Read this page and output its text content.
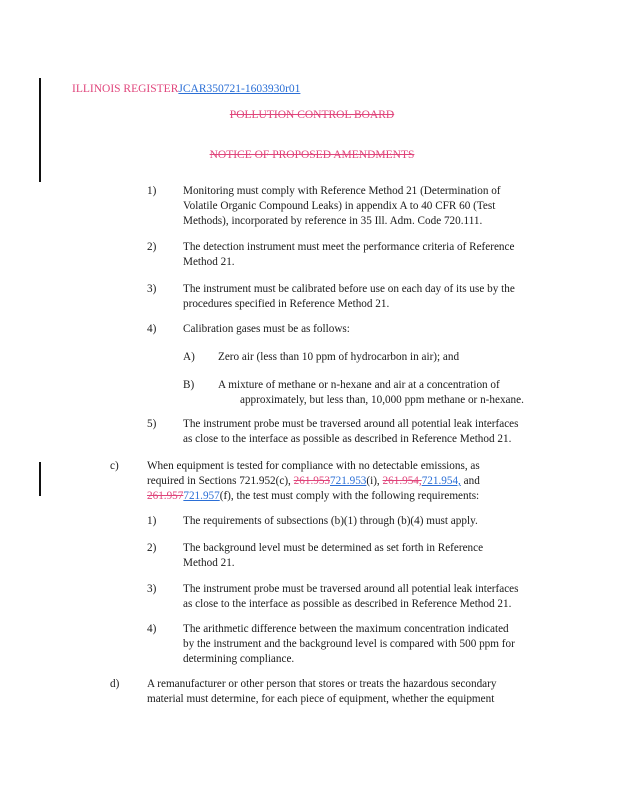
ILLINOIS REGISTERJCAR350721-1603930r01
POLLUTION CONTROL BOARD
NOTICE OF PROPOSED AMENDMENTS
1)	Monitoring must comply with Reference Method 21 (Determination of
Volatile Organic Compound Leaks) in appendix A to 40 CFR 60 (Test
Methods), incorporated by reference in 35 Ill. Adm. Code 720.111.
2)	The detection instrument must meet the performance criteria of Reference
Method 21.
3)	The instrument must be calibrated before use on each day of its use by the
procedures specified in Reference Method 21.
4)	Calibration gases must be as follows:
A)	Zero air (less than 10 ppm of hydrocarbon in air); and
B)	A mixture of methane or n-hexane and air at a concentration of
approximately, but less than, 10,000 ppm methane or n-hexane.
5)	The instrument probe must be traversed around all potential leak interfaces
as close to the interface as possible as described in Reference Method 21.
c)	When equipment is tested for compliance with no detectable emissions, as
required in Sections 721.952(c), 261.953721.953(i), 261.954,721.954, and
261.957721.957(f), the test must comply with the following requirements:
1)	The requirements of subsections (b)(1) through (b)(4) must apply.
2)	The background level must be determined as set forth in Reference
Method 21.
3)	The instrument probe must be traversed around all potential leak interfaces
as close to the interface as possible as described in Reference Method 21.
4)	The arithmetic difference between the maximum concentration indicated
by the instrument and the background level is compared with 500 ppm for
determining compliance.
d)	A remanufacturer or other person that stores or treats the hazardous secondary
material must determine, for each piece of equipment, whether the equipment
